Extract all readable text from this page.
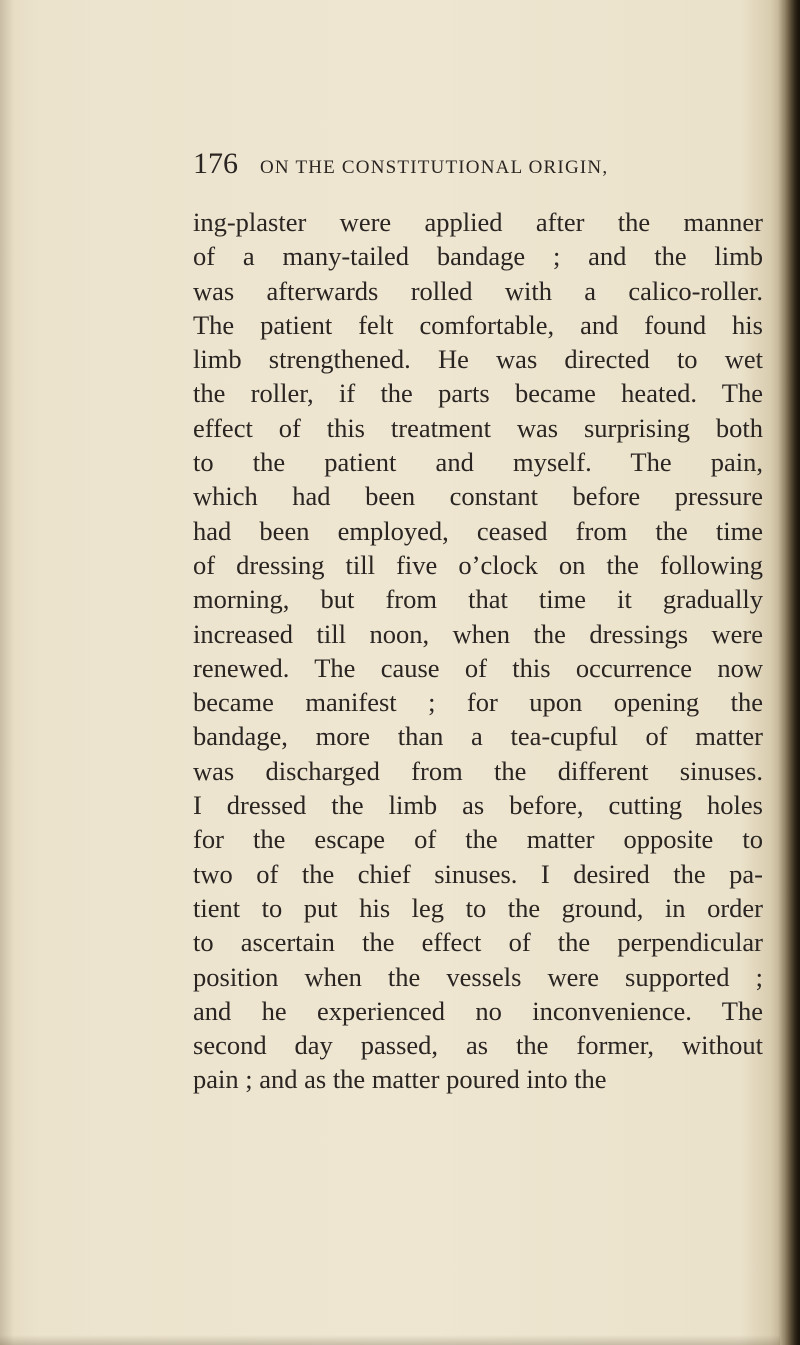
176 ON THE CONSTITUTIONAL ORIGIN,
ing-plaster were applied after the manner
of a many-tailed bandage ; and the limb
was afterwards rolled with a calico-roller.
The patient felt comfortable, and found his
limb strengthened. He was directed to wet
the roller, if the parts became heated. The
effect of this treatment was surprising both
to the patient and myself. The pain,
which had been constant before pressure
had been employed, ceased from the time
of dressing till five o’clock on the following
morning, but from that time it gradually
increased till noon, when the dressings were
renewed. The cause of this occurrence now
became manifest ; for upon opening the
bandage, more than a tea-cupful of matter
was discharged from the different sinuses.
I dressed the limb as before, cutting holes
for the escape of the matter opposite to
two of the chief sinuses. I desired the pa-
tient to put his leg to the ground, in order
to ascertain the effect of the perpendicular
position when the vessels were supported ;
and he experienced no inconvenience. The
second day passed, as the former, without
pain ; and as the matter poured into the
